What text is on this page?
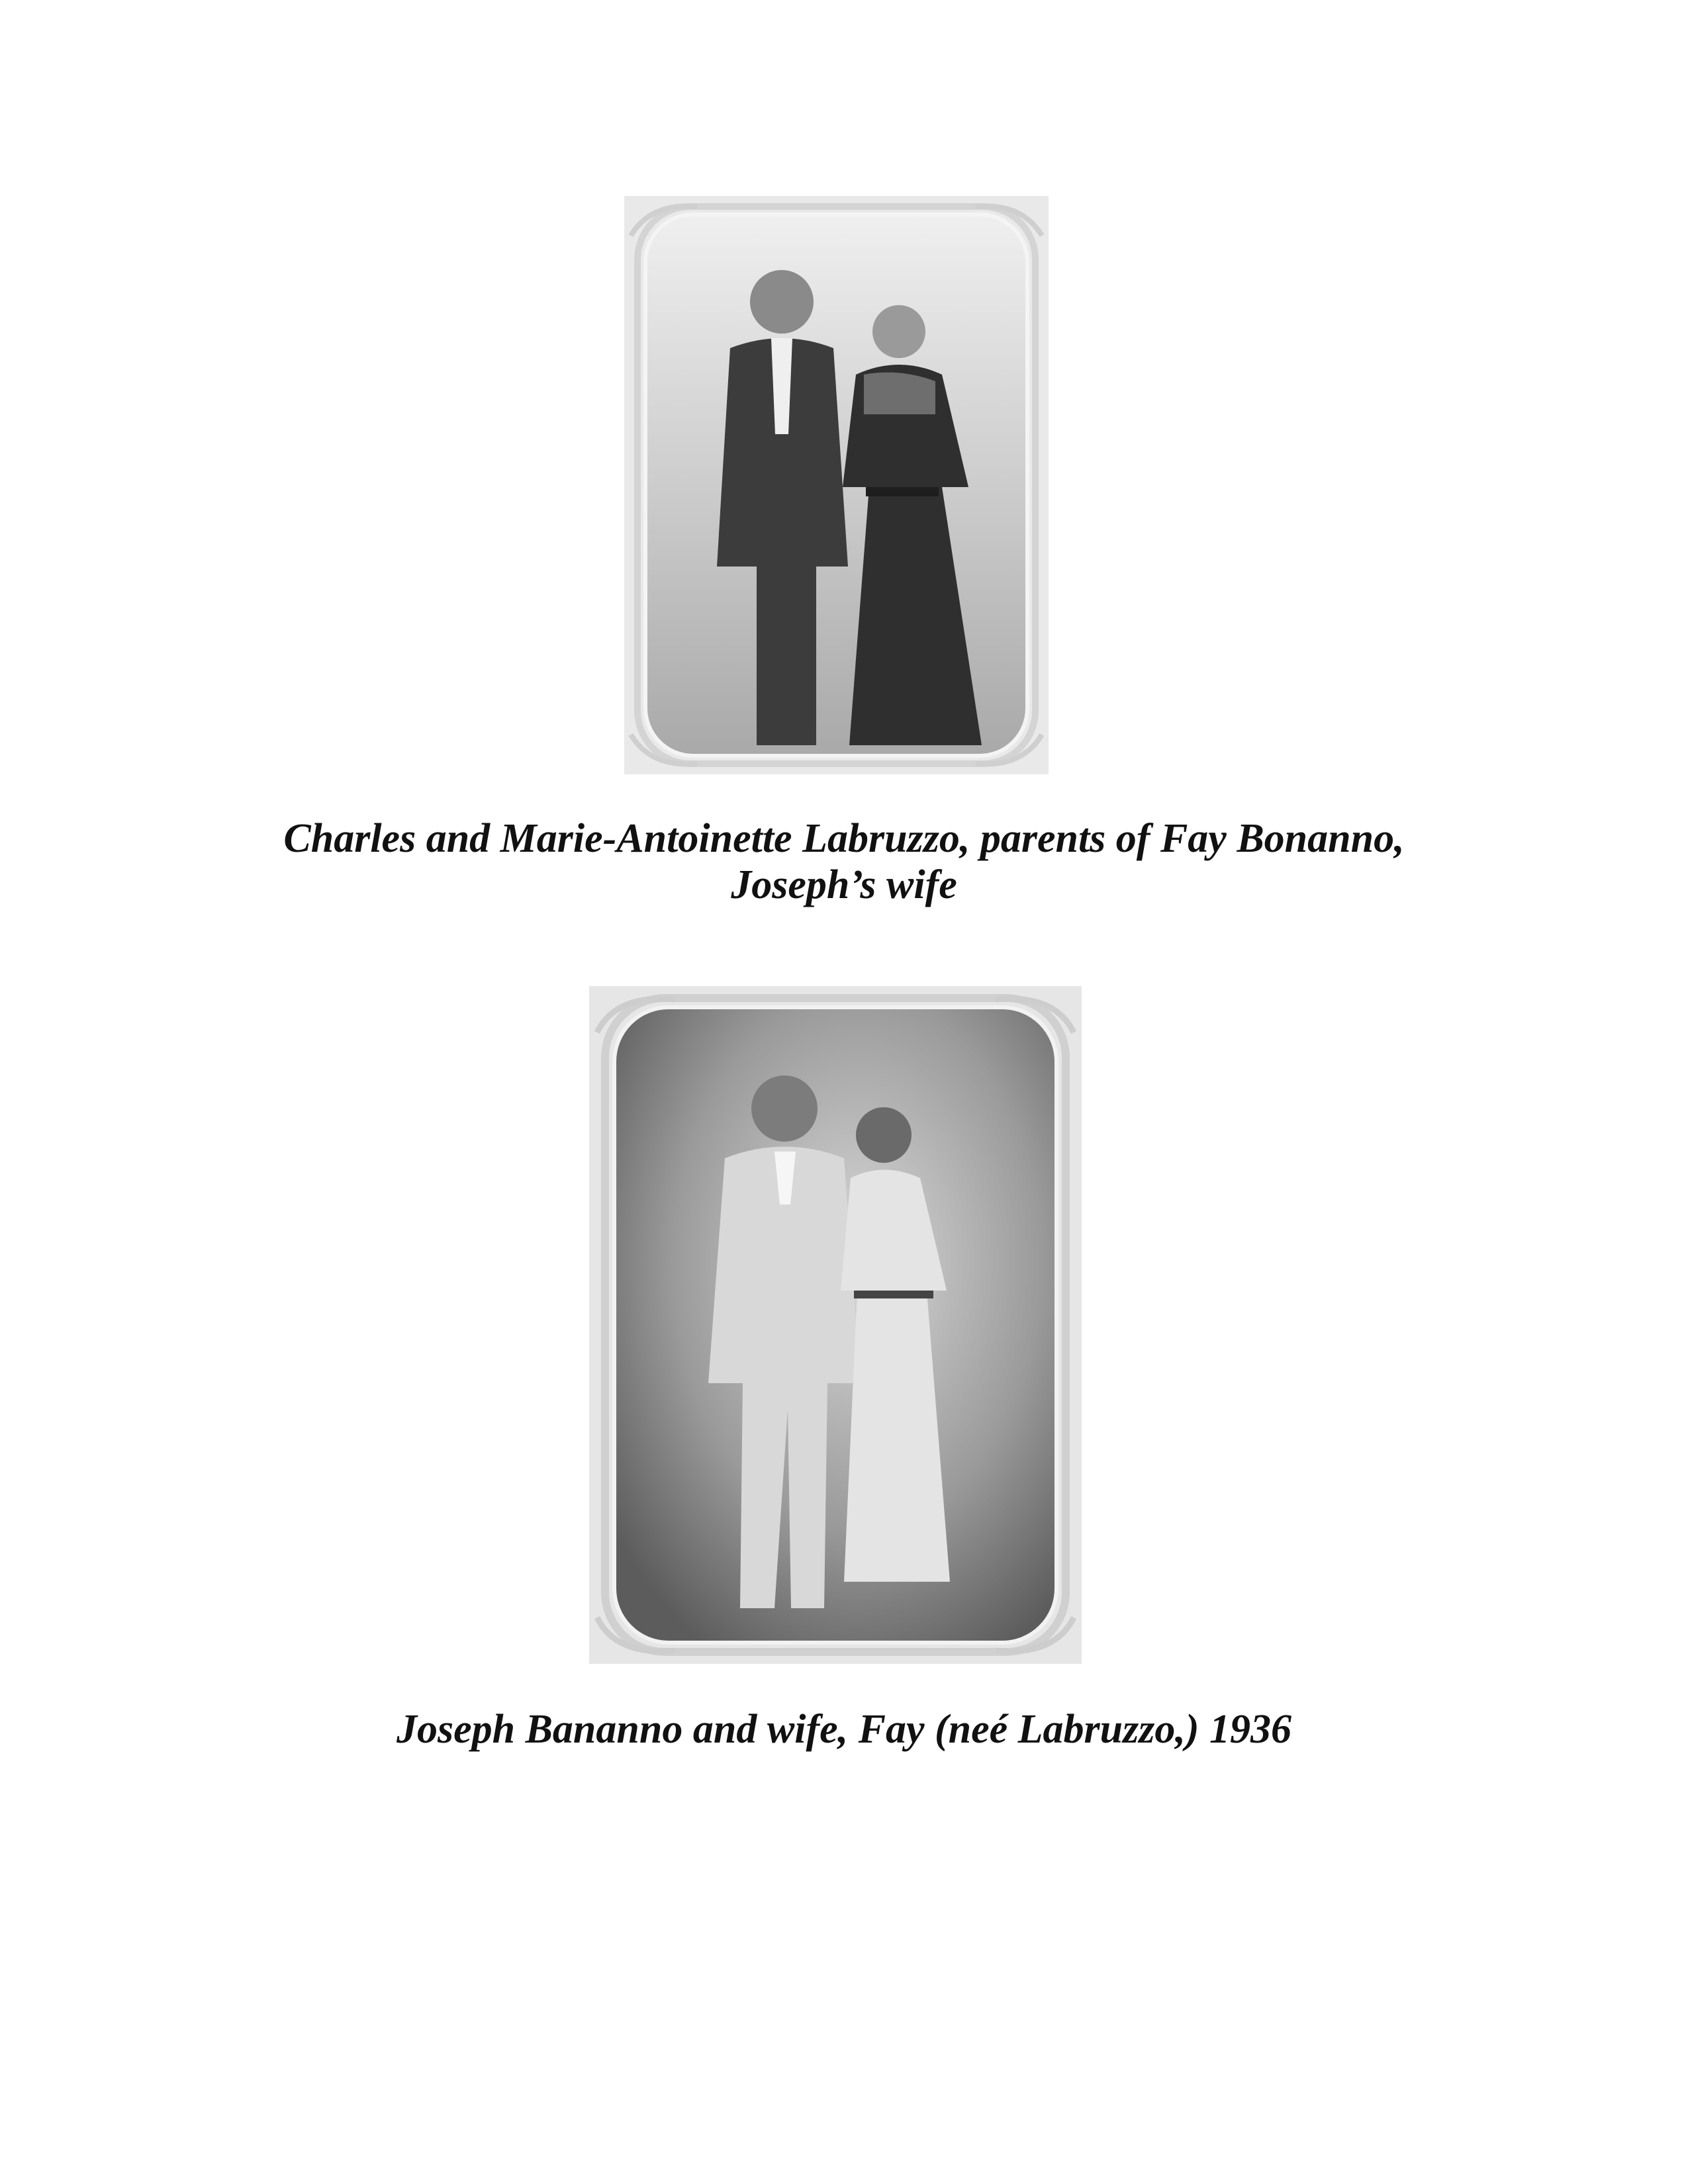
Charles and Marie-Antoinette Labruzzo, parents of Fay Bonanno,
Joseph’s wife

Joseph Bananno and wife, Fay (neé Labruzzo,) 1936
